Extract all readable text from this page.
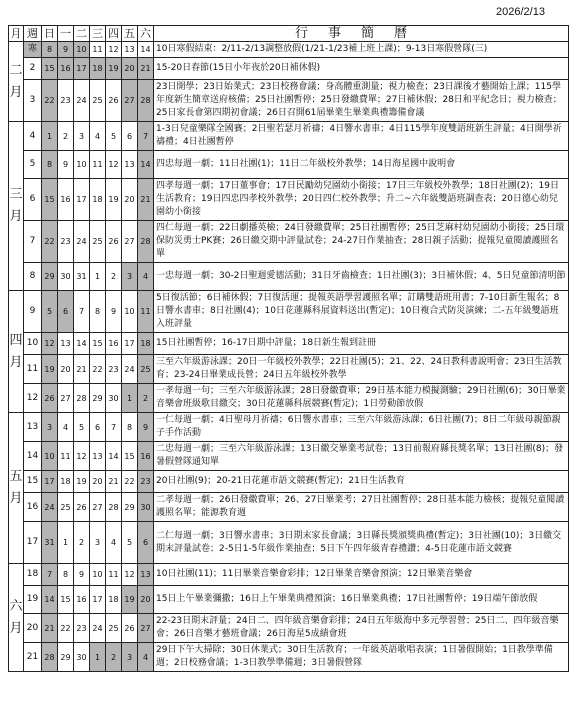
2026/2/13
月	週	日	一	二	三	四	五	六	行事簡曆
二月	寒	8	9	10	11	12	13	14	10日寒假結束：2/11-2/13調整放假(1/21-1/23補上班上課)；9-13日寒假營隊(三)
	2	15	16	17	18	19	20	21	15-20日春節(15日小年夜於20日補休假)
	3	22	23	24	25	26	27	28	23日開學；23日始業式；23日校務會議；身高體重測量；視力檢查；23日課後才藝開始上課；115學年度新生簡章送府核備；25日社團暫停；25日發繳費單；27日補休假；28日和平紀念日；視力檢查；25日家長會第四期初會議；26日召開61屆畢業生畢業典禮籌備會議
三月	4	1	2	3	4	5	6	7	1-3日兒童樂隊全國賽；2日聖若瑟月祈禱；4日響水書車；4日115學年度雙語班新生評量；4日開學祈禱禮；4日社團暫停
	5	8	9	10	11	12	13	14	四忠每週一劇；11日社團(1)；11日二年級校外教學；14日海星國中說明會
	6	15	16	17	18	19	20	21	四孝每週一劇；17日董事會；17日民勵幼兒園幼小銜接；17日三年級校外教學；18日社團(2)；19日生活教育；19日四忠四孝校外教學；20日四仁校外教學；升二~六年級雙語班調查表；20日德心幼兒園幼小銜接
	7	22	23	24	25	26	27	28	四仁每週一劇；22日劇播英檢；24日發繳費單；25日社團暫停；25日芝麻村幼兒園幼小銜接；25日環保防災勇士PK賽；26日繳交期中評量試卷；24-27日作業抽查；28日親子活動；提報兒童閱讀護照名單
	8	29	30	31	1	2	3	4	一忠每週一劇；30-2日聖週愛德活動；31日牙齒檢查；1日社團(3)；3日補休假；4、5日兒童節清明節
四月	9	5	6	7	8	9	10	11	5日復活節；6日補休假；7日復活運；提報英語學習護照名單；訂購雙語班用書；7-10日新生報名；8日響水書車；8日社團(4)；10日花蓮縣科展資料送出(暫定)；10日複合式防災演練；二-五年級雙語班入班評量
	10	12	13	14	15	16	17	18	15日社團暫停；16-17日期中評量；18日新生報到註冊
	11	19	20	21	22	23	24	25	三至六年級游泳課；20日一年級校外教學；22日社團(5)；21、22、24日教科書說明會；23日生活教育；23-24日畢業成長營；24日五年級校外教學
	12	26	27	28	29	30	1	2	一孝每週一句；三至六年級游泳課；28日發繳費單；29日基本能力模擬測驗；29日社團(6)；30日畢業音樂會班級歌目繳交；30日花蓮縣科展競賽(暫定)；1日勞動節放假
五月	13	3	4	5	6	7	8	9	一仁每週一劇；4日聖母月祈禱；6日響水書車；三至六年級游泳課；6日社團(7)；8日二年級母親節親子手作活動
	14	10	11	12	13	14	15	16	二忠每週一劇；三至六年級游泳課；13日繳交畢業考試卷；13日前報府縣長獎名單；13日社團(8)；發暑假營隊通知單
	15	17	18	19	20	21	22	23	20日社團(9)；20-21日花蓮市語文競賽(暫定)；21日生活教育
	16	24	25	26	27	28	29	30	二孝每週一劇；26日發繳費單；26、27日畢業考；27日社團暫停；28日基本能力檢核；提報兒童閱讀護照名單；能源教育週
	17	31	1	2	3	4	5	6	二仁每週一劇；3日響水書車；3日期末家長會議；3日縣長獎頒獎典禮(暫定)；3日社團(10)；3日繳交期末評量試卷；2-5日1-5年級作業抽查；5日下午四年級青春禮讚；4-5日花蓮市語文競賽
六月	18	7	8	9	10	11	12	13	10日社團(11)；11日畢業音樂會彩排；12日畢業音樂會預演；12日畢業音樂會
	19	14	15	16	17	18	19	20	15日上午畢業彌撒；16日上午畢業典禮預演；16日畢業典禮；17日社團暫停；19日端午節放假
	20	21	22	23	24	25	26	27	22-23日期末評量；24日二、四年級音樂會彩排；24日五年級海中多元學習營；25日二、四年級音樂會；26日音樂才藝班會議；26日海星5成績會班
	21	28	29	30	1	2	3	4	29日下午大掃除；30日休業式；30日生活教育；一年級英語歌唱表演；1日暑假開始；1日教學準備週；2日校務會議；1-3日教學準備週；3日暑假營隊
